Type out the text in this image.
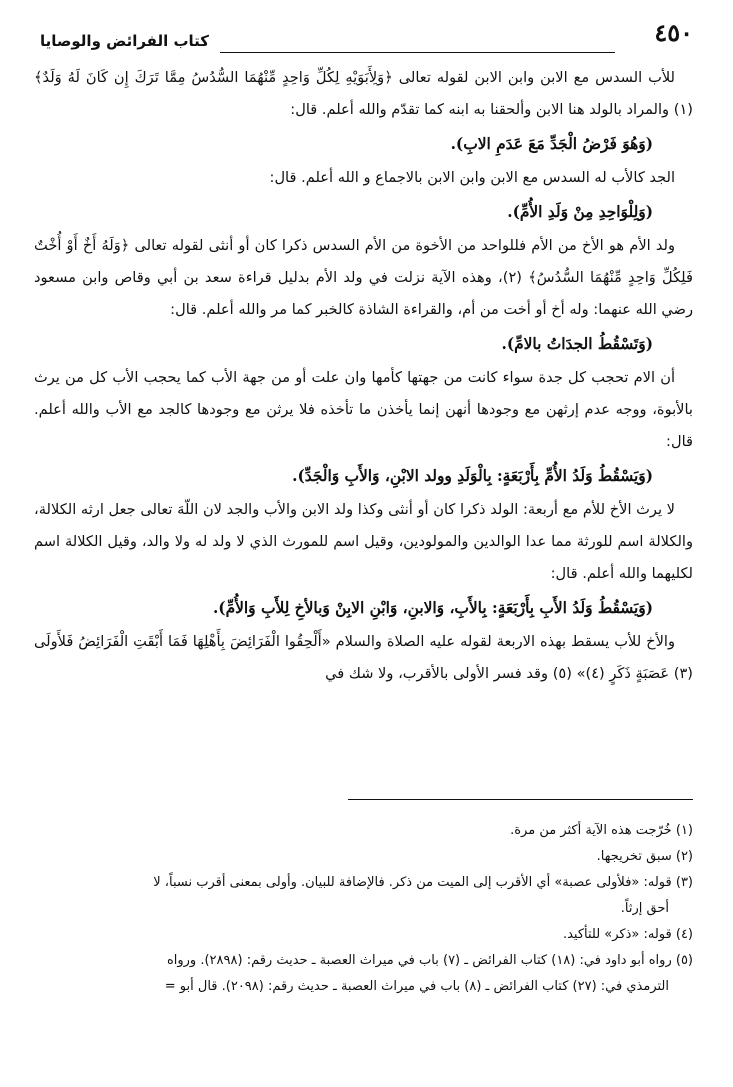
٤٥٠
كتاب الفرائض والوصايا

للأب السدس مع الابن وابن الابن لقوله تعالى ﴿وَلِأَبَوَيْهِ لِكُلِّ وَاحِدٍ مِّنْهُمَا السُّدُسُ مِمَّا تَرَكَ إِن كَانَ لَهُ وَلَدٌ﴾ (١) والمراد بالولد هنا الابن وألحقنا به ابنه كما تقدّم والله أعلم. قال:

(وَهُوَ فَرْضُ الْجَدِّ مَعَ عَدَمِ الابِ).

الجد كالأب له السدس مع الابن وابن الابن بالاجماع و الله أعلم. قال:

(وَلِلْوَاحِدِ مِنْ وَلَدِ الأُمِّ).

ولد الأم هو الأخ من الأم فللواحد من الأخوة من الأم السدس ذكرا كان أو أنثى لقوله تعالى ﴿وَلَهُ أَخٌ أَوْ أُخْتٌ فَلِكُلِّ وَاحِدٍ مِّنْهُمَا السُّدُسُ﴾ (٢)، وهذه الآية نزلت في ولد الأم بدليل قراءة سعد بن أبي وقاص وابن مسعود رضي الله عنهما: وله أخ أو أخت من أم، والقراءة الشاذة كالخبر كما مر والله أعلم. قال:

(وَتَسْقُطُ الجدَاتُ بالامِّ).

أن الام تحجب كل جدة سواء كانت من جهتها كأمها وان علت أو من جهة الأب كما يحجب الأب كل من يرث بالأبوة، ووجه عدم إرثهن مع وجودها أنهن إنما يأخذن ما تأخذه فلا يرثن مع وجودها كالجد مع الأب والله أعلم. قال:

(وَيَسْقُطُ وَلَدُ الأُمِّ بِأَرْبَعَةٍ: بِالْوَلَدِ وولد الابْنِ، وَالأَبِ وَالْجَدِّ).

لا يرث الأخ للأم مع أربعة: الولد ذكرا كان أو أنثى وكذا ولد الابن والأب والجد لان اللّهَ تعالى جعل ارثه الكلالة، والكلالة اسم للورثة مما عدا الوالدين والمولودين، وقيل اسم للمورث الذي لا ولد له ولا والد، وقيل الكلالة اسم لكليهما والله أعلم. قال:

(وَيَسْقُطُ وَلَدُ الأَبِ بِأَرْبَعَةٍ: بِالأَبِ، وَالابنِ، وَابْنِ الابِنْ وَبالأخِ لِلأَبِ وَالأُمِّ).

والأخ للأب يسقط بهذه الاربعة لقوله عليه الصلاة والسلام «أَلْحِقُوا الْفَرَائِضَ بِأَهْلِهَا فَمَا أَبْقَتِ الْفَرَائِضُ فَلأَولَى (٣) عَصَبَةٍ ذَكَرٍ (٤)» (٥) وقد فسر الأولى بالأقرب، ولا شك في

(١) خُرّجت هذه الآية أكثر من مرة.

(٢) سبق تخريجها.

(٣) قوله: «فلأولى عصبة» أي الأقرب إلى الميت من ذكر. فالإضافة للبيان. وأولى بمعنى أقرب نسباً، لا

أحق إرثاً.

(٤) قوله: «ذكر» للتأكيد.

(٥) رواه أبو داود في: (١٨) كتاب الفرائض ـ (٧) باب في ميراث العصبة ـ حديث رقم: (٢٨٩٨). ورواه

الترمذي في: (٢٧) كتاب الفرائض ـ (٨) باب في ميراث العصبة ـ حديث رقم: (٢٠٩٨). قال أبو =
